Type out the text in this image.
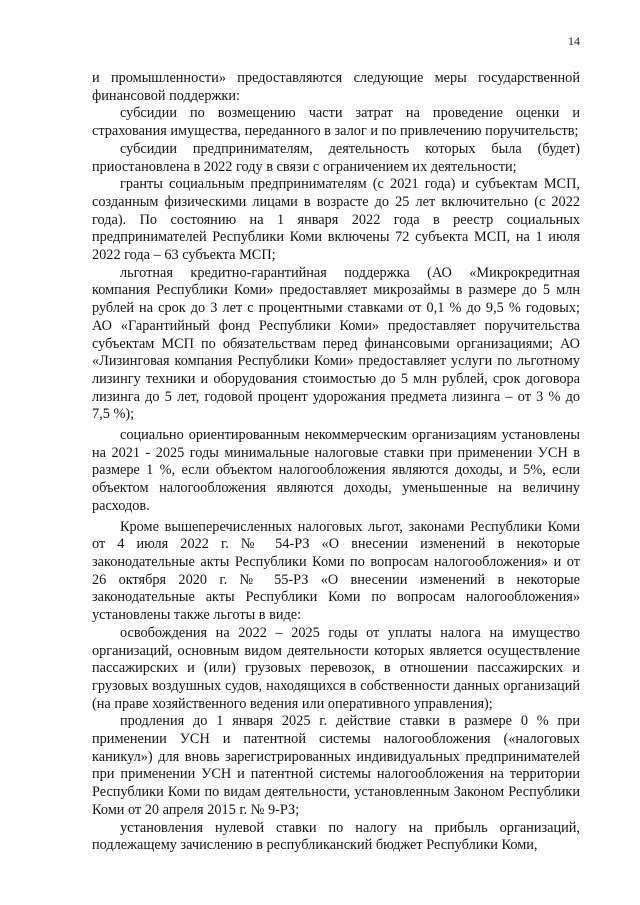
14

и промышленности» предоставляются следующие меры государственной финансовой поддержки:

субсидии по возмещению части затрат на проведение оценки и страхования имущества, переданного в залог и по привлечению поручительств;

субсидии предпринимателям, деятельность которых была (будет) приостановлена в 2022 году в связи с ограничением их деятельности;

гранты социальным предпринимателям (с 2021 года) и субъектам МСП, созданным физическими лицами в возрасте до 25 лет включительно (с 2022 года). По состоянию на 1 января 2022 года в реестр социальных предпринимателей Республики Коми включены 72 субъекта МСП, на 1 июля 2022 года – 63 субъекта МСП;

льготная кредитно-гарантийная поддержка (АО «Микрокредитная компания Республики Коми» предоставляет микрозаймы в размере до 5 млн рублей на срок до 3 лет с процентными ставками от 0,1 % до 9,5 % годовых; АО «Гарантийный фонд Республики Коми» предоставляет поручительства субъектам МСП по обязательствам перед финансовыми организациями; АО «Лизинговая компания Республики Коми» предоставляет услуги по льготному лизингу техники и оборудования стоимостью до 5 млн рублей, срок договора лизинга до 5 лет, годовой процент удорожания предмета лизинга – от 3 % до 7,5 %);

социально ориентированным некоммерческим организациям установлены на 2021 - 2025 годы минимальные налоговые ставки при применении УСН в размере 1 %, если объектом налогообложения являются доходы, и 5%, если объектом налогообложения являются доходы, уменьшенные на величину расходов.

Кроме вышеперечисленных налоговых льгот, законами Республики Коми от 4 июля 2022 г. № 54-РЗ «О внесении изменений в некоторые законодательные акты Республики Коми по вопросам налогообложения» и от 26 октября 2020 г. № 55-РЗ «О внесении изменений в некоторые законодательные акты Республики Коми по вопросам налогообложения» установлены также льготы в виде:

освобождения на 2022 – 2025 годы от уплаты налога на имущество организаций, основным видом деятельности которых является осуществление пассажирских и (или) грузовых перевозок, в отношении пассажирских и грузовых воздушных судов, находящихся в собственности данных организаций (на праве хозяйственного ведения или оперативного управления);

продления до 1 января 2025 г. действие ставки в размере 0 % при применении УСН и патентной системы налогообложения («налоговых каникул») для вновь зарегистрированных индивидуальных предпринимателей при применении УСН и патентной системы налогообложения на территории Республики Коми по видам деятельности, установленным Законом Республики Коми от 20 апреля 2015 г. № 9-РЗ;

установления нулевой ставки по налогу на прибыль организаций, подлежащему зачислению в республиканский бюджет Республики Коми,
